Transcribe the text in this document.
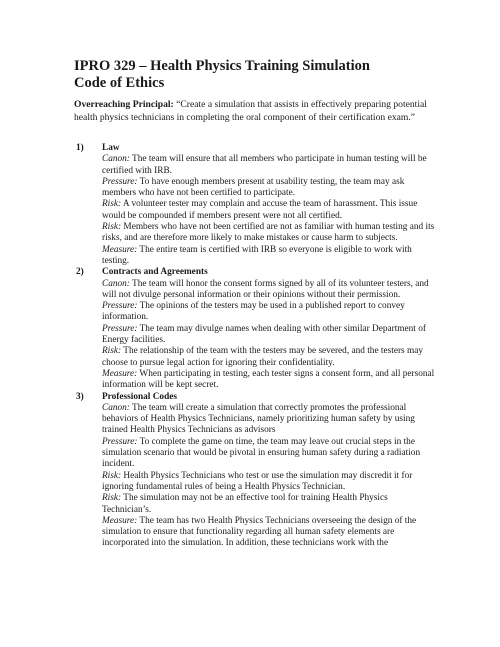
IPRO 329 – Health Physics Training Simulation
Code of Ethics

Overreaching Principal: “Create a simulation that assists in effectively preparing potential health physics technicians in completing the oral component of their certification exam.”

1) Law

Canon: The team will ensure that all members who participate in human testing will be certified with IRB.

Pressure: To have enough members present at usability testing, the team may ask members who have not been certified to participate.

Risk: A volunteer tester may complain and accuse the team of harassment. This issue would be compounded if members present were not all certified.

Risk: Members who have not been certified are not as familiar with human testing and its risks, and are therefore more likely to make mistakes or cause harm to subjects.

Measure: The entire team is certified with IRB so everyone is eligible to work with testing.

2) Contracts and Agreements

Canon: The team will honor the consent forms signed by all of its volunteer testers, and will not divulge personal information or their opinions without their permission.

Pressure: The opinions of the testers may be used in a published report to convey information.

Pressure: The team may divulge names when dealing with other similar Department of Energy facilities.

Risk: The relationship of the team with the testers may be severed, and the testers may choose to pursue legal action for ignoring their confidentiality.

Measure: When participating in testing, each tester signs a consent form, and all personal information will be kept secret.

3) Professional Codes

Canon: The team will create a simulation that correctly promotes the professional behaviors of Health Physics Technicians, namely prioritizing human safety by using trained Health Physics Technicians as advisors

Pressure: To complete the game on time, the team may leave out crucial steps in the simulation scenario that would be pivotal in ensuring human safety during a radiation incident.

Risk: Health Physics Technicians who test or use the simulation may discredit it for ignoring fundamental rules of being a Health Physics Technician.

Risk: The simulation may not be an effective tool for training Health Physics Technician’s.

Measure: The team has two Health Physics Technicians overseeing the design of the simulation to ensure that functionality regarding all human safety elements are incorporated into the simulation. In addition, these technicians work with the
